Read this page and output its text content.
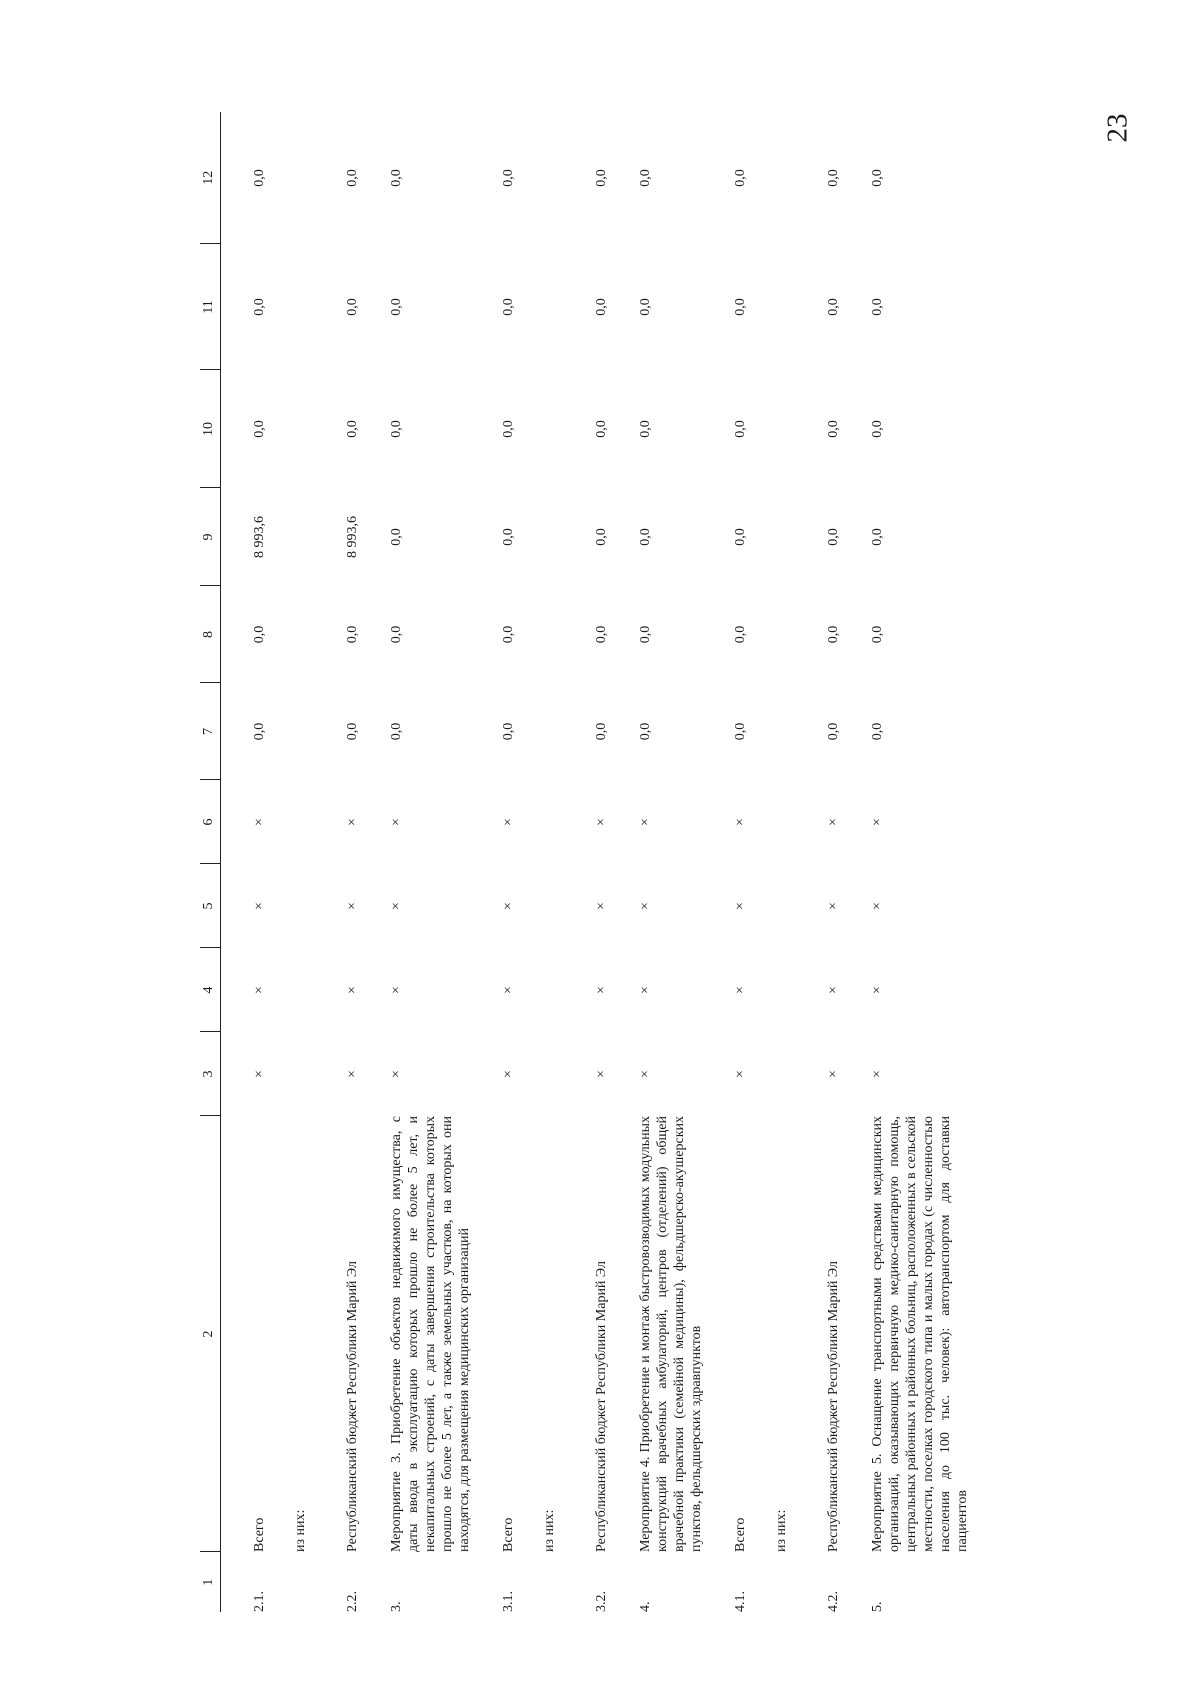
23
1	2	3	4	5	6	7	8	9	10	11	12
2.1.	Всего	×	×	×	×	0,0	0,0	8 993,6	0,0	0,0	0,0
	из них:										
2.2.	Республиканский бюджет Республики Марий Эл	×	×	×	×	0,0	0,0	8 993,6	0,0	0,0	0,0
3.	Мероприятие 3. Приобретение объектов недвижимого имущества, с даты ввода в эксплуатацию которых прошло не более 5 лет, и некапитальных строений, с даты завершения строительства которых прошло не более 5 лет, а также земельных участков, на которых они находятся, для размещения медицинских организаций	×	×	×	×	0,0	0,0	0,0	0,0	0,0	0,0
3.1.	Всего	×	×	×	×	0,0	0,0	0,0	0,0	0,0	0,0
	из них:										
3.2.	Республиканский бюджет Республики Марий Эл	×	×	×	×	0,0	0,0	0,0	0,0	0,0	0,0
4.	Мероприятие 4. Приобретение и монтаж быстровозводимых модульных конструкций врачебных амбулаторий, центров (отделений) общей врачебной практики (семейной медицины), фельдшерско-акушерских пунктов, фельдшерских здравпунктов	×	×	×	×	0,0	0,0	0,0	0,0	0,0	0,0
4.1.	Всего	×	×	×	×	0,0	0,0	0,0	0,0	0,0	0,0
	из них:										
4.2.	Республиканский бюджет Республики Марий Эл	×	×	×	×	0,0	0,0	0,0	0,0	0,0	0,0
5.	Мероприятие 5. Оснащение транспортными средствами медицинских организаций, оказывающих первичную медико-санитарную помощь, центральных районных и районных больниц, расположенных в сельской местности, поселках городского типа и малых городах (с численностью населения до 100 тыс. человек): автотранспортом для доставки пациентов	×	×	×	×	0,0	0,0	0,0	0,0	0,0	0,0
